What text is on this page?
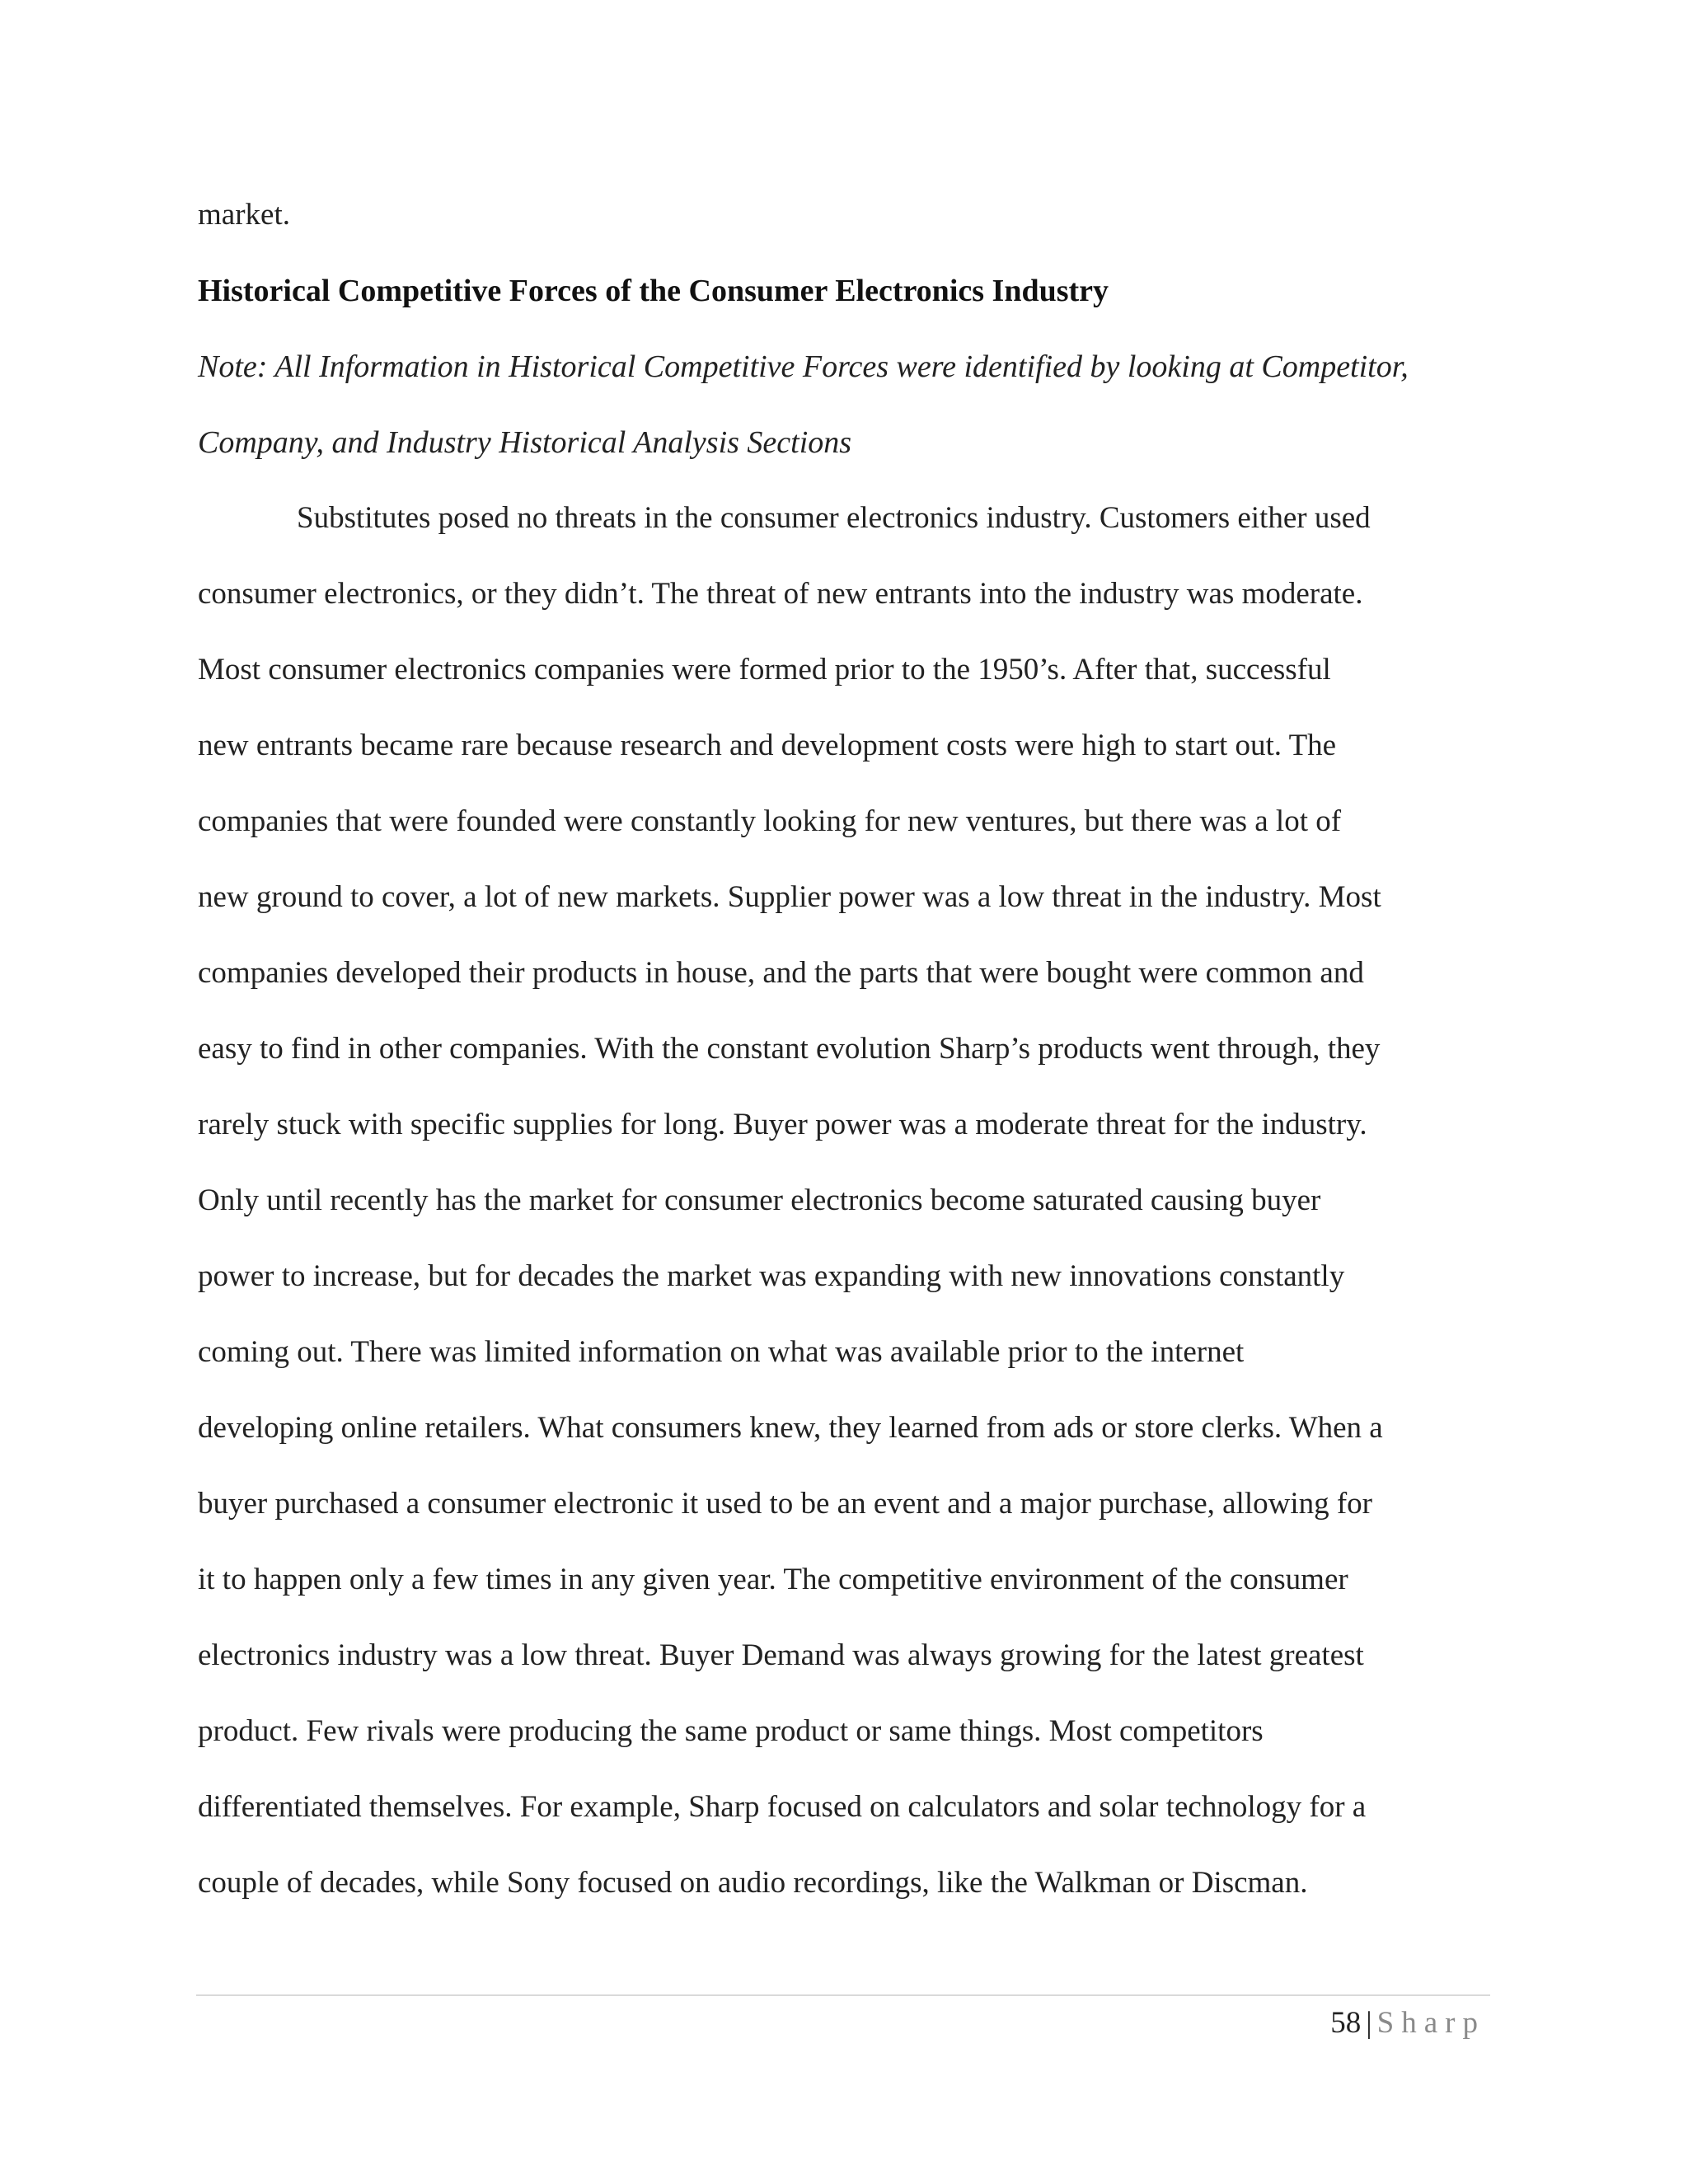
market.
Historical Competitive Forces of the Consumer Electronics Industry
Note: All Information in Historical Competitive Forces were identified by looking at Competitor,
Company, and Industry Historical Analysis Sections
Substitutes posed no threats in the consumer electronics industry. Customers either used
consumer electronics, or they didn’t. The threat of new entrants into the industry was moderate.
Most consumer electronics companies were formed prior to the 1950’s. After that, successful
new entrants became rare because research and development costs were high to start out. The
companies that were founded were constantly looking for new ventures, but there was a lot of
new ground to cover, a lot of new markets. Supplier power was a low threat in the industry. Most
companies developed their products in house, and the parts that were bought were common and
easy to find in other companies. With the constant evolution Sharp’s products went through, they
rarely stuck with specific supplies for long. Buyer power was a moderate threat for the industry.
Only until recently has the market for consumer electronics become saturated causing buyer
power to increase, but for decades the market was expanding with new innovations constantly
coming out. There was limited information on what was available prior to the internet
developing online retailers. What consumers knew, they learned from ads or store clerks. When a
buyer purchased a consumer electronic it used to be an event and a major purchase, allowing for
it to happen only a few times in any given year. The competitive environment of the consumer
electronics industry was a low threat. Buyer Demand was always growing for the latest greatest
product. Few rivals were producing the same product or same things. Most competitors
differentiated themselves. For example, Sharp focused on calculators and solar technology for a
couple of decades, while Sony focused on audio recordings, like the Walkman or Discman.
58 | Sharp
